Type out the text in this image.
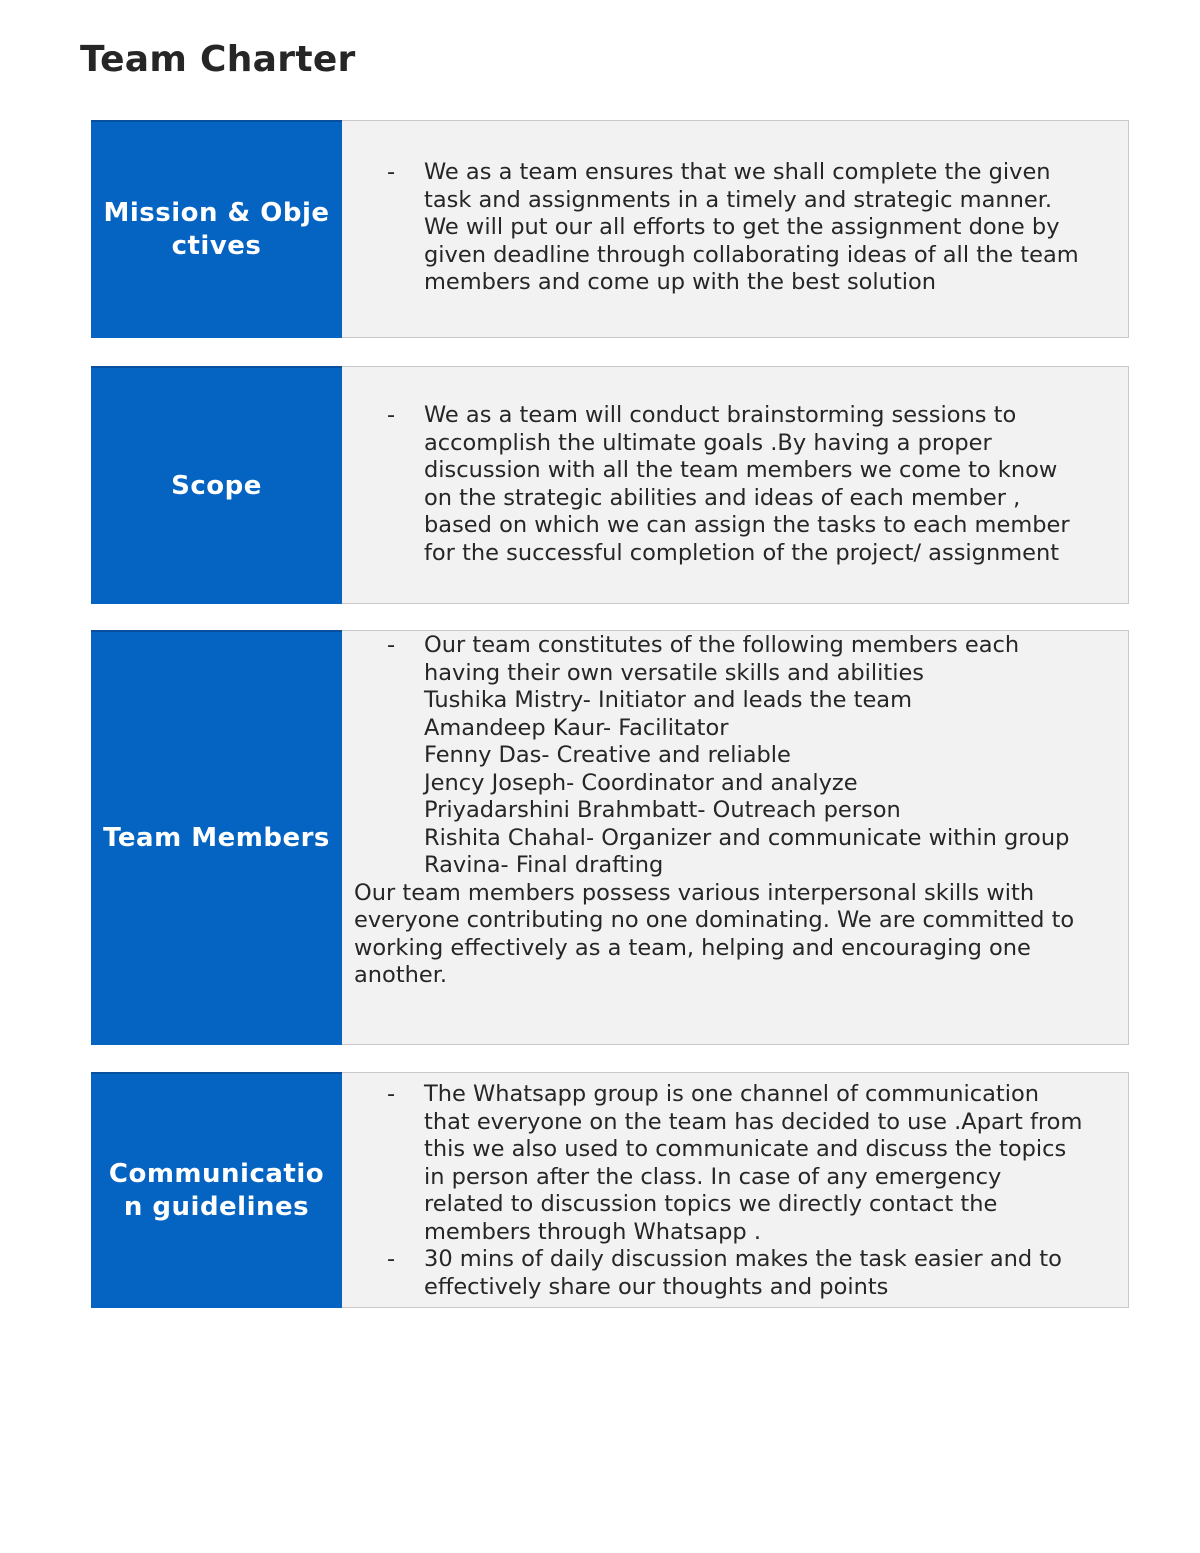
Team Charter
Mission & Objectives
- We as a team ensures that we shall complete the given
task and assignments in a timely and strategic manner.
We will put our all efforts to get the assignment done by
given deadline through collaborating ideas of all the team
members and come up with the best solution
Scope
- We as a team will conduct brainstorming sessions to
accomplish the ultimate goals .By having a proper
discussion with all the team members we come to know
on the strategic abilities and ideas of each member ,
based on which we can assign the tasks to each member
for the successful completion of the project/ assignment
Team Members
- Our team constitutes of the following members each
having their own versatile skills and abilities
Tushika Mistry- Initiator and leads the team
Amandeep Kaur- Facilitator
Fenny Das- Creative and reliable
Jency Joseph- Coordinator and analyze
Priyadarshini Brahmbatt- Outreach person
Rishita Chahal- Organizer and communicate within group
Ravina- Final drafting
Our team members possess various interpersonal skills with
everyone contributing no one dominating. We are committed to
working effectively as a team, helping and encouraging one
another.
Communication guidelines
- The Whatsapp group is one channel of communication
that everyone on the team has decided to use .Apart from
this we also used to communicate and discuss the topics
in person after the class. In case of any emergency
related to discussion topics we directly contact the
members through Whatsapp .
- 30 mins of daily discussion makes the task easier and to
effectively share our thoughts and points
